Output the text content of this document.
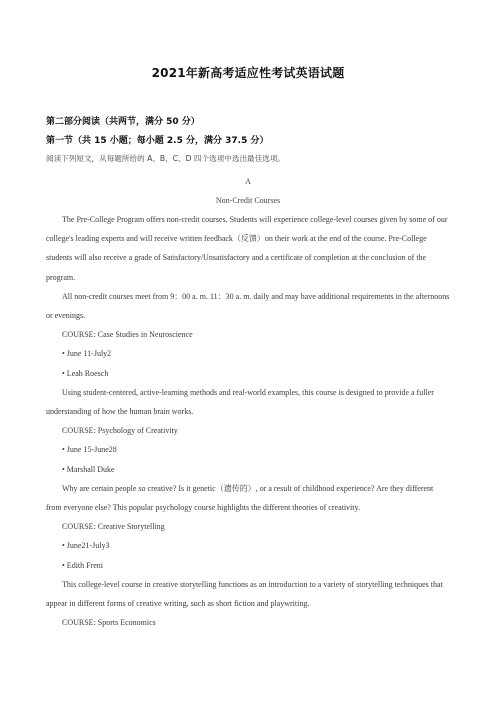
2021年新高考适应性考试英语试题
第二部分阅读（共两节，满分 50 分）
第一节（共 15 小题；每小题 2.5 分，满分 37.5 分）
阅读下列短文，从每题所给的 A、B、C、D 四个选项中选出最佳选项。
A
Non-Credit Courses

The Pre-College Program offers non-credit courses. Students will experience college-level courses given by some of our college's leading experts and will receive written feedback（反馈）on their work at the end of the course. Pre-College students will also receive a grade of Satisfactory/Unsatisfactory and a certificate of completion at the conclusion of the program.

All non-credit courses meet from 9：00 a. m. 11：30 a. m. daily and may have additional requirements in the afternoons or evenings.

COURSE: Case Studies in Neuroscience

• June 11-July2
• Leah Roesch

Using student-centered, active-learning methods and real-world examples, this course is designed to provide a fuller understanding of how the human brain works.

COURSE: Psychology of Creativity

• June 15-June28
• Marshall Duke

Why are certain people so creative? Is it genetic（遗传的）, or a result of childhood experience? Are they different from everyone else? This popular psychology course highlights the different theories of creativity.

COURSE: Creative Storytelling

• June21-July3
• Edith Freni

This college-level course in creative storytelling functions as an introduction to a variety of storytelling techniques that appear in different forms of creative writing, such as short fiction and playwriting.

COURSE: Sports Economics
